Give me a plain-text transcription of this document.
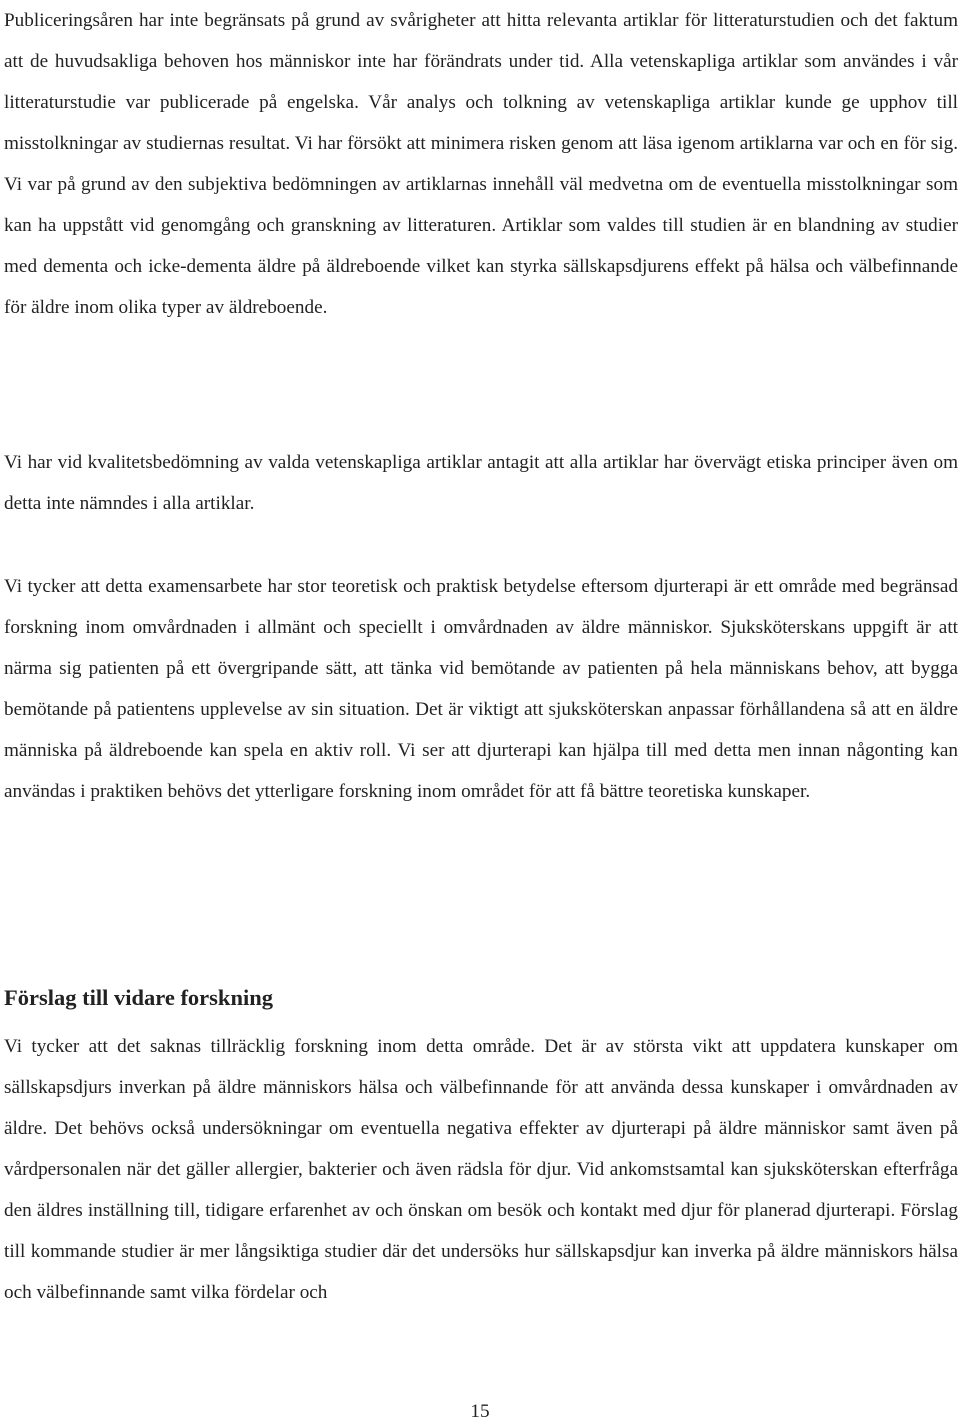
Publiceringsåren har inte begränsats på grund av svårigheter att hitta relevanta artiklar för litteraturstudien och det faktum att de huvudsakliga behoven hos människor inte har förändrats under tid. Alla vetenskapliga artiklar som användes i vår litteraturstudie var publicerade på engelska. Vår analys och tolkning av vetenskapliga artiklar kunde ge upphov till misstolkningar av studiernas resultat. Vi har försökt att minimera risken genom att läsa igenom artiklarna var och en för sig. Vi var på grund av den subjektiva bedömningen av artiklarnas innehåll väl medvetna om de eventuella misstolkningar som kan ha uppstått vid genomgång och granskning av litteraturen. Artiklar som valdes till studien är en blandning av studier med dementa och icke-dementa äldre på äldreboende vilket kan styrka sällskapsdjurens effekt på hälsa och välbefinnande för äldre inom olika typer av äldreboende.

Vi har vid kvalitetsbedömning av valda vetenskapliga artiklar antagit att alla artiklar har övervägt etiska principer även om detta inte nämndes i alla artiklar.

Vi tycker att detta examensarbete har stor teoretisk och praktisk betydelse eftersom djurterapi är ett område med begränsad forskning inom omvårdnaden i allmänt och speciellt i omvårdnaden av äldre människor. Sjuksköterskans uppgift är att närma sig patienten på ett övergripande sätt, att tänka vid bemötande av patienten på hela människans behov, att bygga bemötande på patientens upplevelse av sin situation. Det är viktigt att sjuksköterskan anpassar förhållandena så att en äldre människa på äldreboende kan spela en aktiv roll. Vi ser att djurterapi kan hjälpa till med detta men innan någonting kan användas i praktiken behövs det ytterligare forskning inom området för att få bättre teoretiska kunskaper.

Förslag till vidare forskning

Vi tycker att det saknas tillräcklig forskning inom detta område. Det är av största vikt att uppdatera kunskaper om sällskapsdjurs inverkan på äldre människors hälsa och välbefinnande för att använda dessa kunskaper i omvårdnaden av äldre. Det behövs också undersökningar om eventuella negativa effekter av djurterapi på äldre människor samt även på vårdpersonalen när det gäller allergier, bakterier och även rädsla för djur. Vid ankomstsamtal kan sjuksköterskan efterfråga den äldres inställning till, tidigare erfarenhet av och önskan om besök och kontakt med djur för planerad djurterapi. Förslag till kommande studier är mer långsiktiga studier där det undersöks hur sällskapsdjur kan inverka på äldre människors hälsa och välbefinnande samt vilka fördelar och

15
